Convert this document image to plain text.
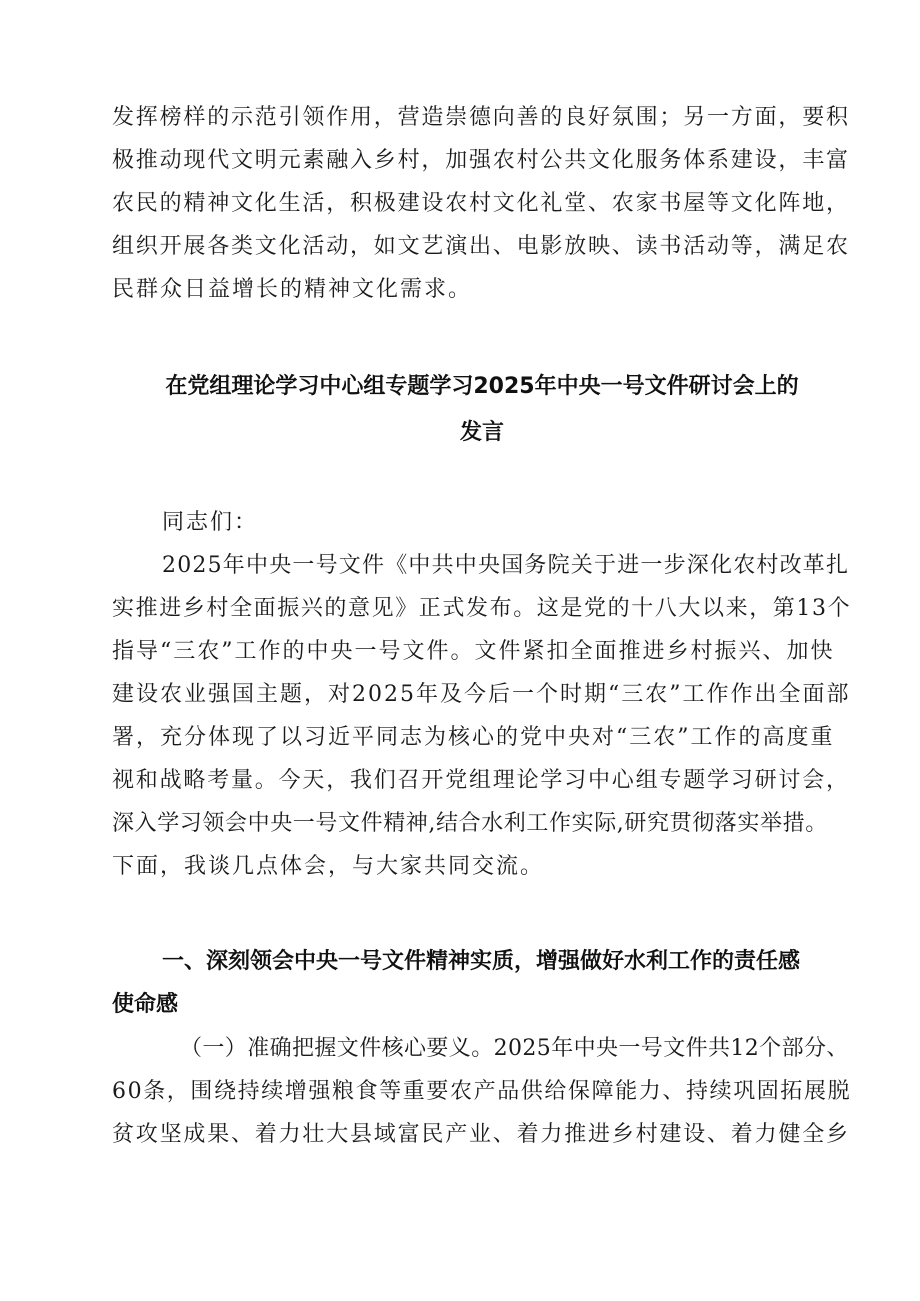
发挥榜样的示范引领作用，营造崇德向善的良好氛围；另一方面，要积
极推动现代文明元素融入乡村，加强农村公共文化服务体系建设，丰富
农民的精神文化生活，积极建设农村文化礼堂、农家书屋等文化阵地，
组织开展各类文化活动，如文艺演出、电影放映、读书活动等，满足农
民群众日益增长的精神文化需求。
在党组理论学习中心组专题学习2025年中央一号文件研讨会上的
发言
同志们：
2025年中央一号文件《中共中央国务院关于进一步深化农村改革扎
实推进乡村全面振兴的意见》正式发布。这是党的十八大以来，第13个
指导“三农”工作的中央一号文件。文件紧扣全面推进乡村振兴、加快
建设农业强国主题，对2025年及今后一个时期“三农”工作作出全面部
署，充分体现了以习近平同志为核心的党中央对“三农”工作的高度重
视和战略考量。今天，我们召开党组理论学习中心组专题学习研讨会，
深入学习领会中央一号文件精神,结合水利工作实际,研究贯彻落实举措。
下面，我谈几点体会，与大家共同交流。
一、深刻领会中央一号文件精神实质，增强做好水利工作的责任感
使命感
（一）准确把握文件核心要义。2025年中央一号文件共12个部分、
60条，围绕持续增强粮食等重要农产品供给保障能力、持续巩固拓展脱
贫攻坚成果、着力壮大县域富民产业、着力推进乡村建设、着力健全乡
